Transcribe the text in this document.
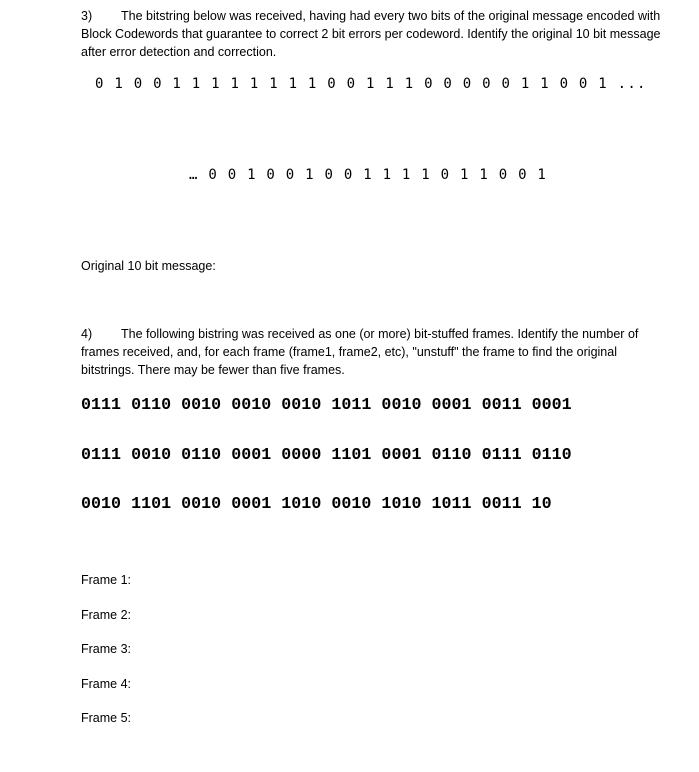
3) The bitstring below was received, having had every two bits of the original message encoded with Block Codewords that guarantee to correct 2 bit errors per codeword. Identify the original 10 bit message after error detection and correction.

0 1 0 0 1 1 1 1 1 1 1 1 0 0 1 1 1 0 0 0 0 0 1 1 0 0 1 ...
… 0 0 1 0 0 1 0 0 1 1 1 1 0 1 1 0 0 1
Original 10 bit message:

4) The following bistring was received as one (or more) bit-stuffed frames. Identify the number of frames received, and, for each frame (frame1, frame2, etc), "unstuff" the frame to find the original bitstrings. There may be fewer than five frames.

0111 0110 0010 0010 0010 1011 0010 0001 0011 0001
0111 0010 0110 0001 0000 1101 0001 0110 0111 0110
0010 1101 0010 0001 1010 0010 1010 1011 0011 10
Frame 1:
Frame 2:
Frame 3:
Frame 4:
Frame 5:
